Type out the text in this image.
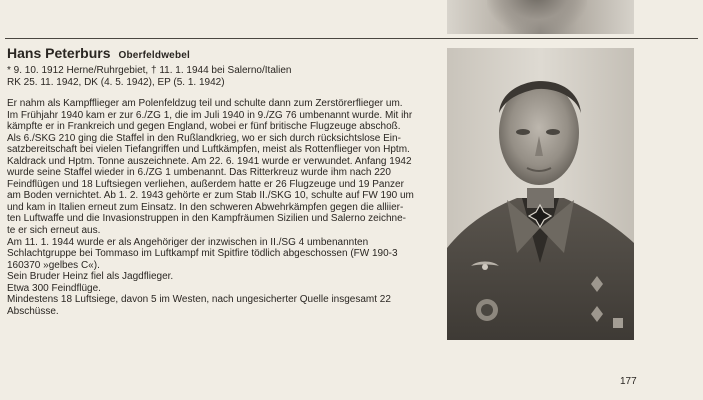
Hans Peterburs Oberfeldwebel
* 9. 10. 1912 Herne/Ruhrgebiet, † 11. 1. 1944 bei Salerno/Italien
RK 25. 11. 1942, DK (4. 5. 1942), EP (5. 1. 1942)

Er nahm als Kampfflieger am Polenfeldzug teil und schulte dann zum Zerstörerflieger um.

Im Frühjahr 1940 kam er zur 6./ZG 1, die im Juli 1940 in 9./ZG 76 umbenannt wurde. Mit ihr

kämpfte er in Frankreich und gegen England, wobei er fünf britische Flugzeuge abschoß.

Als 6./SKG 210 ging die Staffel in den Rußlandkrieg, wo er sich durch rücksichtslose Ein-

satzbereitschaft bei vielen Tiefangriffen und Luftkämpfen, meist als Rottenflieger von Hptm.

Kaldrack und Hptm. Tonne auszeichnete. Am 22. 6. 1941 wurde er verwundet. Anfang 1942

wurde seine Staffel wieder in 6./ZG 1 umbenannt. Das Ritterkreuz wurde ihm nach 220

Feindflügen und 18 Luftsiegen verliehen, außerdem hatte er 26 Flugzeuge und 19 Panzer

am Boden vernichtet. Ab 1. 2. 1943 gehörte er zum Stab II./SKG 10, schulte auf FW 190 um

und kam in Italien erneut zum Einsatz. In den schweren Abwehrkämpfen gegen die alliier-

ten Luftwaffe und die Invasionstruppen in den Kampfräumen Sizilien und Salerno zeichne-

te er sich erneut aus.

Am 11. 1. 1944 wurde er als Angehöriger der inzwischen in II./SG 4 umbenannten

Schlachtgruppe bei Tommaso im Luftkampf mit Spitfire tödlich abgeschossen (FW 190-3

160370 »gelbes C«).

Sein Bruder Heinz fiel als Jagdflieger.

Etwa 300 Feindflüge.

Mindestens 18 Luftsiege, davon 5 im Westen, nach ungesicherter Quelle insgesamt 22

Abschüsse.

177
